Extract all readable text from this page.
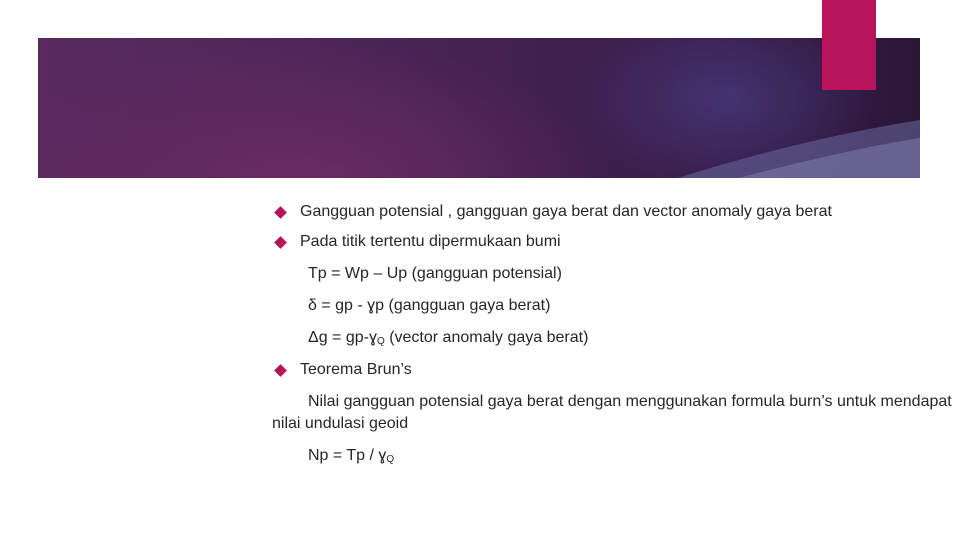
Gangguan potensial , gangguan gaya berat dan vector anomaly gaya berat
Pada titik tertentu dipermukaan bumi
Tp = Wp – Up (gangguan potensial)
δ = gp - ɣp (gangguan gaya berat)
Δg = gp-ɣ$_Q$ (vector anomaly gaya berat)
Teorema Brun’s
Nilai gangguan potensial gaya berat dengan menggunakan formula burn’s untuk mendapat nilai undulasi geoid
Np = Tp / ɣ$_Q$
